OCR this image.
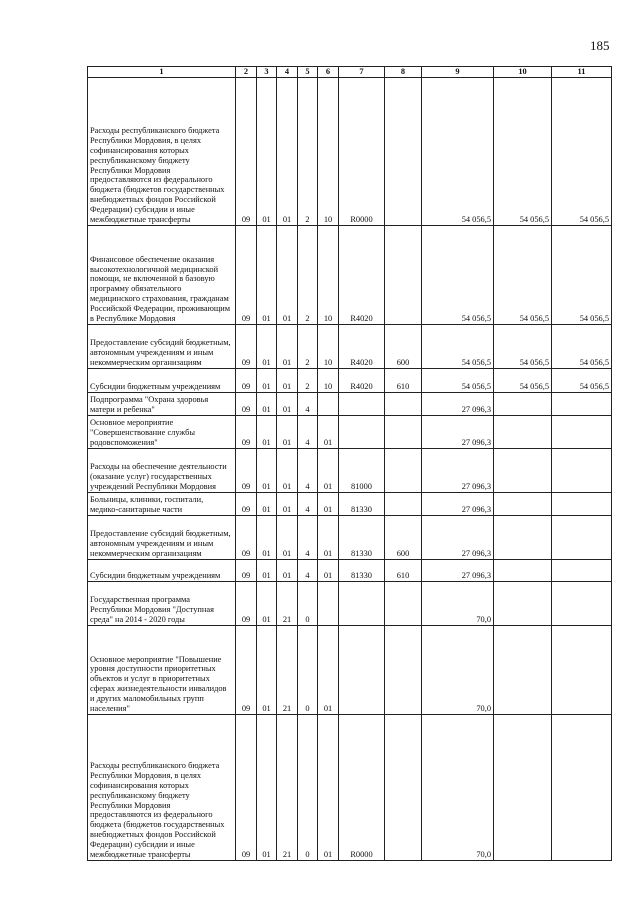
185
1	2	3	4	5	6	7	8	9	10	11
Расходы республиканского бюджета Республики Мордовия, в целях софинансирования которых республиканскому бюджету Республики Мордовия предоставляются из федерального бюджета (бюджетов государственных внебюджетных фондов Российской Федерации) субсидии и иные межбюджетные трансферты	09	01	01	2	10	R0000		54 056,5	54 056,5	54 056,5
Финансовое обеспечение оказания высокотехнологичной медицинской помощи, не включенной в базовую программу обязательного медицинского страхования, гражданам Российской Федерации, проживающим в Республике Мордовия	09	01	01	2	10	R4020		54 056,5	54 056,5	54 056,5
Предоставление субсидий бюджетным, автономным учреждениям и иным некоммерческим организациям	09	01	01	2	10	R4020	600	54 056,5	54 056,5	54 056,5
Субсидии бюджетным учреждениям	09	01	01	2	10	R4020	610	54 056,5	54 056,5	54 056,5
Подпрограмма "Охрана здоровья матери и ребенка"	09	01	01	4				27 096,3		
Основное мероприятие "Совершенствование службы родовспоможения"	09	01	01	4	01			27 096,3		
Расходы на обеспечение деятельности (оказание услуг) государственных учреждений Республики Мордовия	09	01	01	4	01	81000		27 096,3		
Больницы, клиники, госпитали, медико-санитарные части	09	01	01	4	01	81330		27 096,3		
Предоставление субсидий бюджетным, автономным учреждениям и иным некоммерческим организациям	09	01	01	4	01	81330	600	27 096,3		
Субсидии бюджетным учреждениям	09	01	01	4	01	81330	610	27 096,3		
Государственная программа Республики Мордовия "Доступная среда" на 2014 - 2020 годы	09	01	21	0				70,0		
Основное мероприятие "Повышение уровня доступности приоритетных объектов и услуг в приоритетных сферах жизнедеятельности инвалидов и других маломобильных групп населения"	09	01	21	0	01			70,0		
Расходы республиканского бюджета Республики Мордовия, в целях софинансирования которых республиканскому бюджету Республики Мордовия предоставляются из федерального бюджета (бюджетов государственных внебюджетных фондов Российской Федерации) субсидии и иные межбюджетные трансферты	09	01	21	0	01	R0000		70,0		
